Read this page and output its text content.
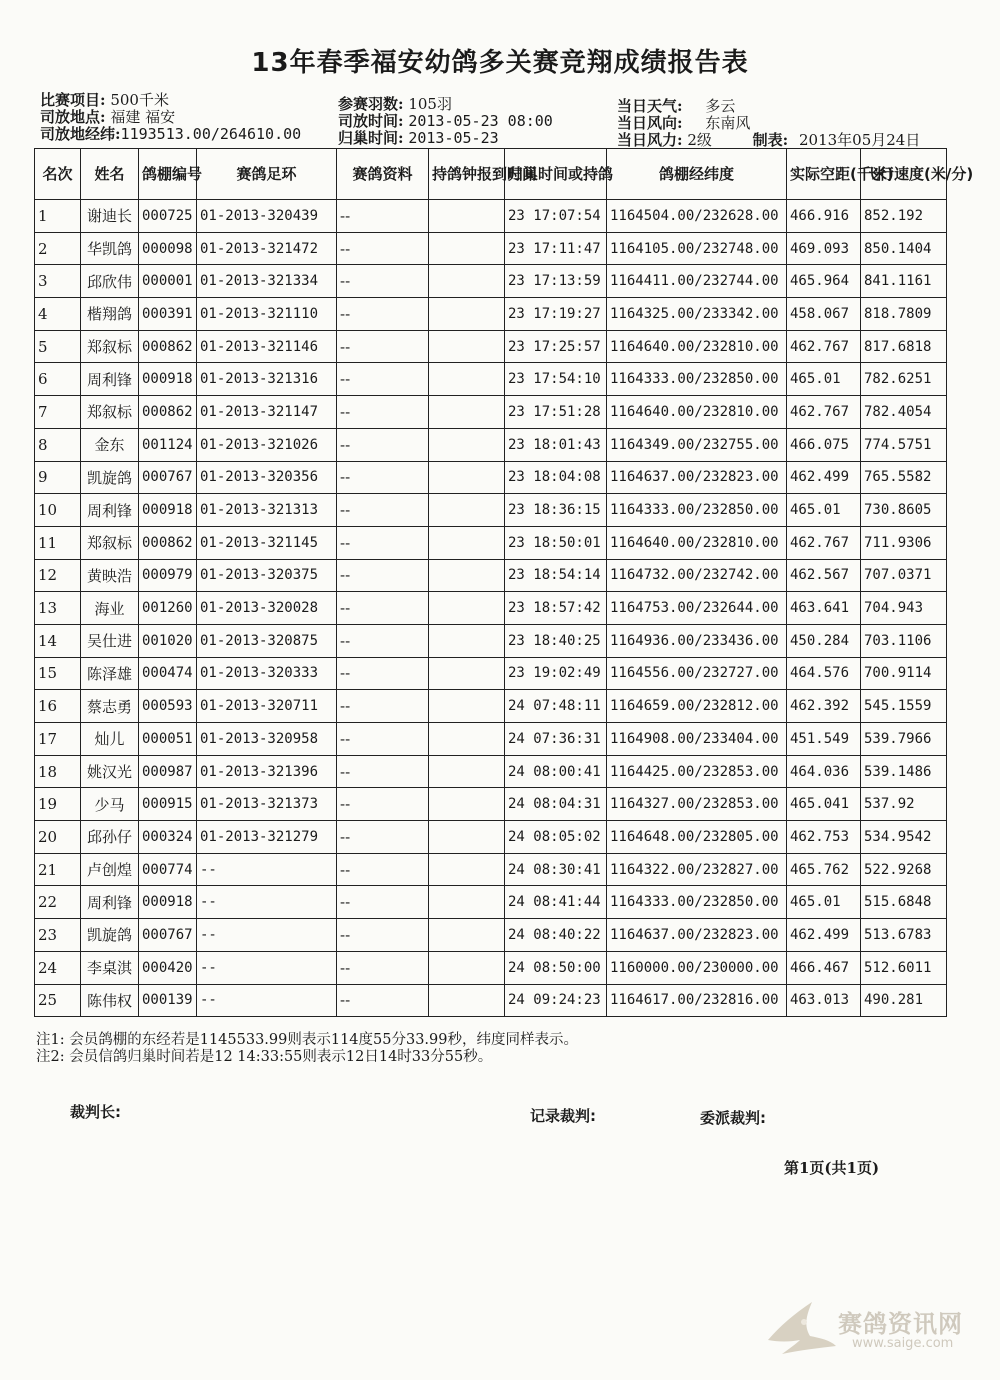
13年春季福安幼鸽多关赛竞翔成绩报告表
比赛项目: 500千米
司放地点: 福建 福安
司放地经纬:1193513.00/264610.00
参赛羽数: 105羽
司放时间: 2013-05-23 08:00
归巢时间: 2013-05-23
当日天气: 多云
当日风向: 东南风
当日风力: 2级	制表: 2013年05月24日
名次	姓名	鸽棚编号	赛鸽足环	赛鸽资料	持鸽钟报到时间	归巢时间或持鸽	鸽棚经纬度	实际空距(千米)	飞行速度(米/分)
1	谢迪长	000725	01-2013-320439	--		23 17:07:54	1164504.00/232628.00	466.916	852.192
2	华凯鸽	000098	01-2013-321472	--		23 17:11:47	1164105.00/232748.00	469.093	850.1404
3	邱欣伟	000001	01-2013-321334	--		23 17:13:59	1164411.00/232744.00	465.964	841.1161
4	楷翔鸽	000391	01-2013-321110	--		23 17:19:27	1164325.00/233342.00	458.067	818.7809
5	郑叙标	000862	01-2013-321146	--		23 17:25:57	1164640.00/232810.00	462.767	817.6818
6	周利锋	000918	01-2013-321316	--		23 17:54:10	1164333.00/232850.00	465.01	782.6251
7	郑叙标	000862	01-2013-321147	--		23 17:51:28	1164640.00/232810.00	462.767	782.4054
8	金东	001124	01-2013-321026	--		23 18:01:43	1164349.00/232755.00	466.075	774.5751
9	凯旋鸽	000767	01-2013-320356	--		23 18:04:08	1164637.00/232823.00	462.499	765.5582
10	周利锋	000918	01-2013-321313	--		23 18:36:15	1164333.00/232850.00	465.01	730.8605
11	郑叙标	000862	01-2013-321145	--		23 18:50:01	1164640.00/232810.00	462.767	711.9306
12	黄映浩	000979	01-2013-320375	--		23 18:54:14	1164732.00/232742.00	462.567	707.0371
13	海业	001260	01-2013-320028	--		23 18:57:42	1164753.00/232644.00	463.641	704.943
14	吴仕进	001020	01-2013-320875	--		23 18:40:25	1164936.00/233436.00	450.284	703.1106
15	陈泽雄	000474	01-2013-320333	--		23 19:02:49	1164556.00/232727.00	464.576	700.9114
16	蔡志勇	000593	01-2013-320711	--		24 07:48:11	1164659.00/232812.00	462.392	545.1559
17	灿儿	000051	01-2013-320958	--		24 07:36:31	1164908.00/233404.00	451.549	539.7966
18	姚汉光	000987	01-2013-321396	--		24 08:00:41	1164425.00/232853.00	464.036	539.1486
19	少马	000915	01-2013-321373	--		24 08:04:31	1164327.00/232853.00	465.041	537.92
20	邱孙仔	000324	01-2013-321279	--		24 08:05:02	1164648.00/232805.00	462.753	534.9542
21	卢创煌	000774	--	--		24 08:30:41	1164322.00/232827.00	465.762	522.9268
22	周利锋	000918	--	--		24 08:41:44	1164333.00/232850.00	465.01	515.6848
23	凯旋鸽	000767	--	--		24 08:40:22	1164637.00/232823.00	462.499	513.6783
24	李桌淇	000420	--	--		24 08:50:00	1160000.00/230000.00	466.467	512.6011
25	陈伟权	000139	--	--		24 09:24:23	1164617.00/232816.00	463.013	490.281
注1: 会员鸽棚的东经若是1145533.99则表示114度55分33.99秒，纬度同样表示。
注2: 会员信鸽归巢时间若是12 14:33:55则表示12日14时33分55秒。
裁判长:	记录裁判:	委派裁判:
第1页(共1页)
赛鸽资讯网
www.saige.com
